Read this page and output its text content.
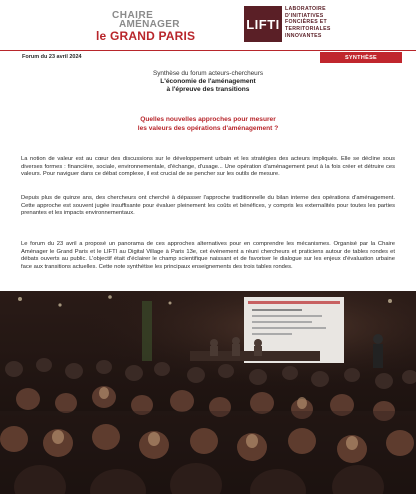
CHAIRE
AMÉNAGER
le GRAND PARIS
LIFTI
LABORATOIRE
D'INITIATIVES
FONCIÈRES ET
TERRITORIALES
INNOVANTES
Forum du 23 avril 2024	SYNTHÈSE
Synthèse du forum acteurs-chercheurs
L'économie de l'aménagement
à l'épreuve des transitions
Quelles nouvelles approches pour mesurer
les valeurs des opérations d'aménagement ?
La notion de valeur est au cœur des discussions sur le développement urbain et les stratégies des acteurs impliqués. Elle se décline sous diverses formes : financière, sociale, environnementale, d'échange, d'usage... Une opération d'aménagement peut à la fois créer et détruire ces valeurs. Pour naviguer dans ce débat complexe, il est crucial de se pencher sur les outils de mesure.
Depuis plus de quinze ans, des chercheurs ont cherché à dépasser l'approche traditionnelle du bilan interne des opérations d'aménagement. Cette approche est souvent jugée insuffisante pour évaluer pleinement les coûts et bénéfices, y compris les externalités pour toutes les parties prenantes et les impacts environnementaux.
Le forum du 23 avril a proposé un panorama de ces approches alternatives pour en comprendre les mécanismes. Organisé par la Chaire Aménager le Grand Paris et le LIFTI au Digital Village à Paris 13e, cet événement a réuni chercheurs et praticiens autour de tables rondes et débats ouverts au public. L'objectif était d'éclairer le champ scientifique naissant et de favoriser le dialogue sur les enjeux d'évaluation urbaine face aux transitions actuelles. Cette note synthétise les principaux enseignements des trois tables rondes.
